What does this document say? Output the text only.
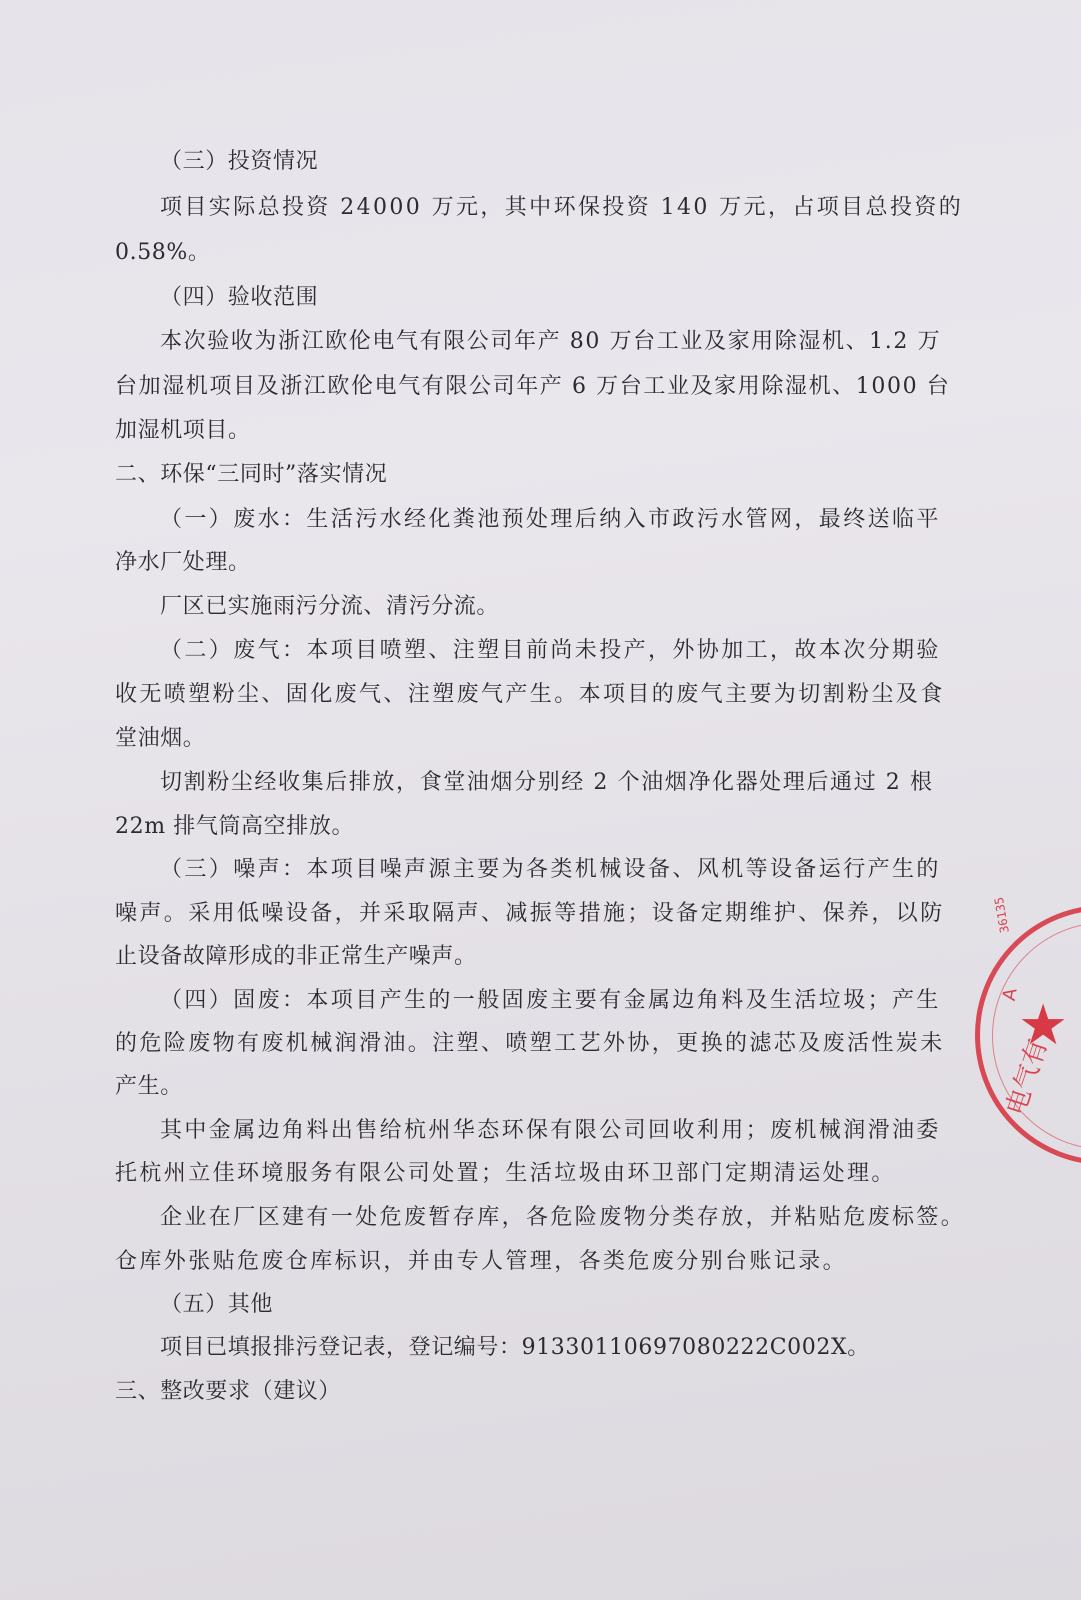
（三）投资情况
项目实际总投资 24000 万元，其中环保投资 140 万元，占项目总投资的
0.58%。
（四）验收范围
本次验收为浙江欧伦电气有限公司年产 80 万台工业及家用除湿机、1.2 万
台加湿机项目及浙江欧伦电气有限公司年产 6 万台工业及家用除湿机、1000 台
加湿机项目。
二、环保“三同时”落实情况
（一）废水：生活污水经化粪池预处理后纳入市政污水管网，最终送临平
净水厂处理。
厂区已实施雨污分流、清污分流。
（二）废气：本项目喷塑、注塑目前尚未投产，外协加工，故本次分期验
收无喷塑粉尘、固化废气、注塑废气产生。本项目的废气主要为切割粉尘及食
堂油烟。
切割粉尘经收集后排放，食堂油烟分别经 2 个油烟净化器处理后通过 2 根
22m 排气筒高空排放。
（三）噪声：本项目噪声源主要为各类机械设备、风机等设备运行产生的
噪声。采用低噪设备，并采取隔声、减振等措施；设备定期维护、保养，以防
止设备故障形成的非正常生产噪声。
（四）固废：本项目产生的一般固废主要有金属边角料及生活垃圾；产生
的危险废物有废机械润滑油。注塑、喷塑工艺外协，更换的滤芯及废活性炭未
产生。
其中金属边角料出售给杭州华态环保有限公司回收利用；废机械润滑油委
托杭州立佳环境服务有限公司处置；生活垃圾由环卫部门定期清运处理。
企业在厂区建有一处危废暂存库，各危险废物分类存放，并粘贴危废标签。
仓库外张贴危废仓库标识，并由专人管理，各类危废分别台账记录。
（五）其他
项目已填报排污登记表，登记编号：91330110697080222C002X。
三、整改要求（建议）
36135
A
★
电气有
